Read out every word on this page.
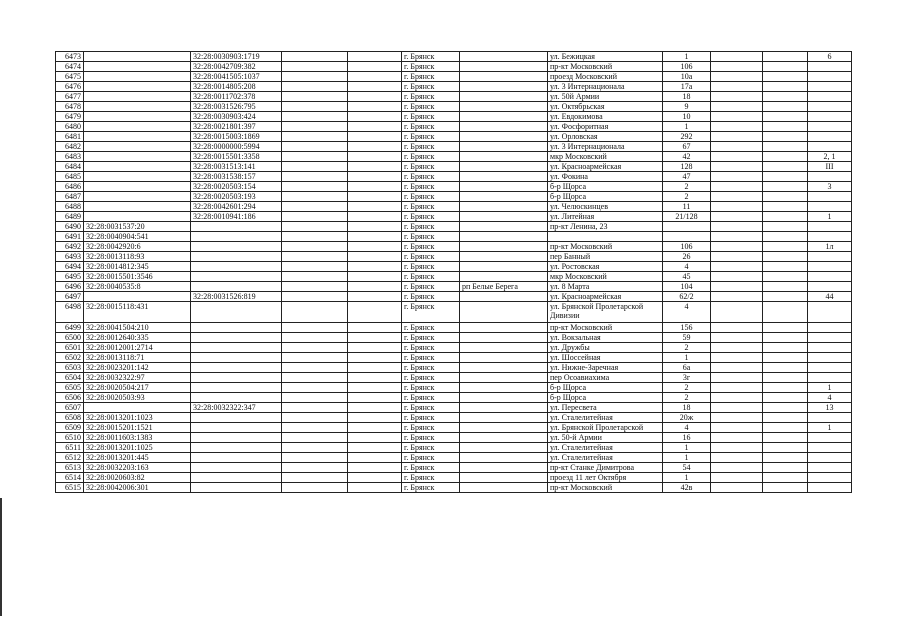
6473		32:28:0030903:1719			г. Брянск		ул. Бежицкая	1			6
6474		32:28:0042709:382			г. Брянск		пр-кт Московский	106			
6475		32:28:0041505:1037			г. Брянск		проезд Московский	10а			
6476		32:28:0014805:208			г. Брянск		ул. 3 Интернационала	17а			
6477		32:28:0011702:378			г. Брянск		ул. 50й Армии	18			
6478		32:28:0031526:795			г. Брянск		ул. Октябрьская	9			
6479		32:28:0030903:424			г. Брянск		ул. Евдокимова	10			
6480		32:28:0021801:397			г. Брянск		ул. Фосфоритная	1			
6481		32:28:0015003:1869			г. Брянск		ул. Орловская	292			
6482		32:28:0000000:5994			г. Брянск		ул. 3 Интернационала	67			
6483		32:28:0015501:3358			г. Брянск		мкр Московский	42			2, 1
6484		32:28:0031513:141			г. Брянск		ул. Красноармейская	128			III
6485		32:28:0031538:157			г. Брянск		ул. Фокина	47			
6486		32:28:0020503:154			г. Брянск		б-р Щорса	2			3
6487		32:28:0020503:193			г. Брянск		б-р Щорса	2			
6488		32:28:0042601:294			г. Брянск		ул. Челюскинцев	11			
6489		32:28:0010941:186			г. Брянск		ул. Литейная	21/128			1
6490	32:28:0031537:20				г. Брянск		пр-кт Ленина, 23				
6491	32:28:0040904:541				г. Брянск						
6492	32:28:0042920:6				г. Брянск		пр-кт Московский	106			1л
6493	32:28:0013118:93				г. Брянск		пер Банный	26			
6494	32:28:0014812:345				г. Брянск		ул. Ростовская	4			
6495	32:28:0015501:3546				г. Брянск		мкр Московский	45			
6496	32:28:0040535:8				г. Брянск	рп Белые Берега	ул. 8 Марта	104			
6497		32:28:0031526:819			г. Брянск		ул. Красноармейская	62/2			44
6498	32:28:0015118:431				г. Брянск		ул. Брянской Пролетарской Дивизии	4			
6499	32:28:0041504:210				г. Брянск		пр-кт Московский	156			
6500	32:28:0012640:335				г. Брянск		ул. Вокзальная	59			
6501	32:28:0012001:2714				г. Брянск		ул. Дружбы	2			
6502	32:28:0013118:71				г. Брянск		ул. Шоссейная	1			
6503	32:28:0023201:142				г. Брянск		ул. Нижне-Заречная	6а			
6504	32:28:0032322:97				г. Брянск		пер Осоавиахима	3г			
6505	32:28:0020504:217				г. Брянск		б-р Щорса	2			1
6506	32:28:0020503:93				г. Брянск		б-р Щорса	2			4
6507		32:28:0032322:347			г. Брянск		ул. Пересвета	18			13
6508	32:28:0013201:1023				г. Брянск		ул. Сталелитейная	20ж			
6509	32:28:0015201:1521				г. Брянск		ул. Брянской Пролетарской	4			1
6510	32:28:0011603:1383				г. Брянск		ул. 50-й Армии	16			
6511	32:28:0013201:1025				г. Брянск		ул. Сталелитейная	1			
6512	32:28:0013201:445				г. Брянск		ул. Сталелитейная	1			
6513	32:28:0032203:163				г. Брянск		пр-кт Станке Димитрова	54			
6514	32:28:0020603:82				г. Брянск		проезд 11 лет Октября	1			
6515	32:28:0042006:301				г. Брянск		пр-кт Московский	42в			
